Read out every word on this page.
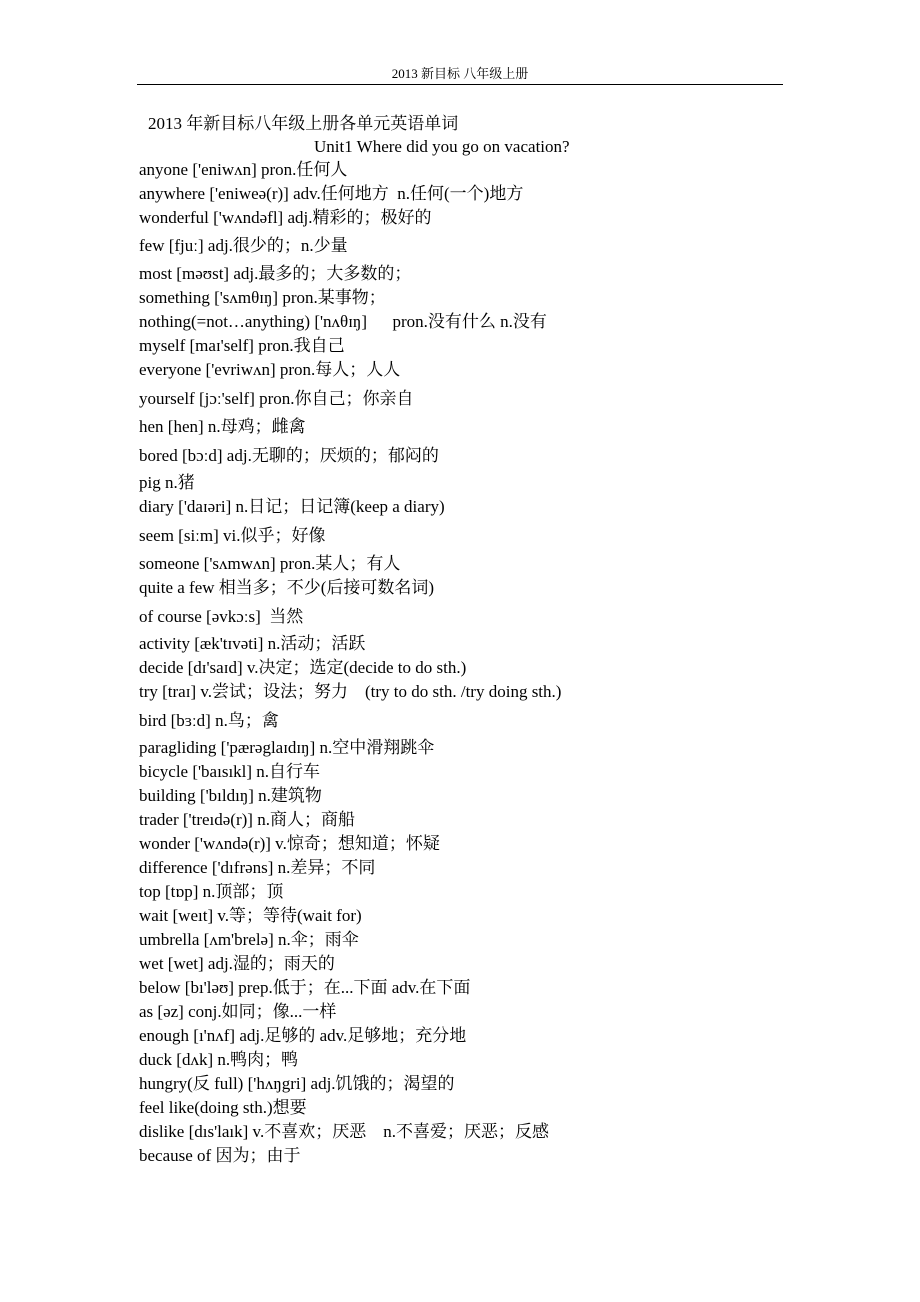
2013 新目标 八年级上册
2013 年新目标八年级上册各单元英语单词
Unit1 Where did you go on vacation?
anyone ['eniwʌn] pron.任何人
anywhere ['eniweə(r)] adv.任何地方  n.任何(一个)地方
wonderful ['wʌndəfl] adj.精彩的；极好的
few [fjuː] adj.很少的；n.少量
most [məʊst] adj.最多的；大多数的；
something ['sʌmθɪŋ] pron.某事物；
nothing(=not…anything) ['nʌθɪŋ]      pron.没有什么 n.没有
myself [maɪ'self] pron.我自己
everyone ['evriwʌn] pron.每人；人人
yourself [jɔː'self] pron.你自己；你亲自
hen [hen] n.母鸡；雌禽
bored [bɔːd] adj.无聊的；厌烦的；郁闷的
pig n.猪
diary ['daɪəri] n.日记；日记簿(keep a diary)
seem [siːm] vi.似乎；好像
someone ['sʌmwʌn] pron.某人；有人
quite a few 相当多；不少(后接可数名词)
of course [əvkɔːs]  当然
activity [æk'tɪvəti] n.活动；活跃
decide [dɪ'saɪd] v.决定；选定(decide to do sth.)
try [traɪ] v.尝试；设法；努力    (try to do sth. /try doing sth.)
bird [bɜːd] n.鸟；禽
paragliding ['pærəglaɪdɪŋ] n.空中滑翔跳伞
bicycle ['baısıkl] n.自行车
building ['bıldıŋ] n.建筑物
trader ['treıdə(r)] n.商人；商船
wonder ['wʌndə(r)] v.惊奇；想知道；怀疑
difference ['dıfrəns] n.差异；不同
top [tɒp] n.顶部；顶
wait [weıt] v.等；等待(wait for)
umbrella [ʌm'brelə] n.伞；雨伞
wet [wet] adj.湿的；雨天的
below [bı'ləʊ] prep.低于；在...下面 adv.在下面
as [əz] conj.如同；像...一样
enough [ı'nʌf] adj.足够的 adv.足够地；充分地
duck [dʌk] n.鸭肉；鸭
hungry(反 full) ['hʌŋgri] adj.饥饿的；渴望的
feel like(doing sth.)想要
dislike [dıs'laık] v.不喜欢；厌恶    n.不喜爱；厌恶；反感
because of 因为；由于
